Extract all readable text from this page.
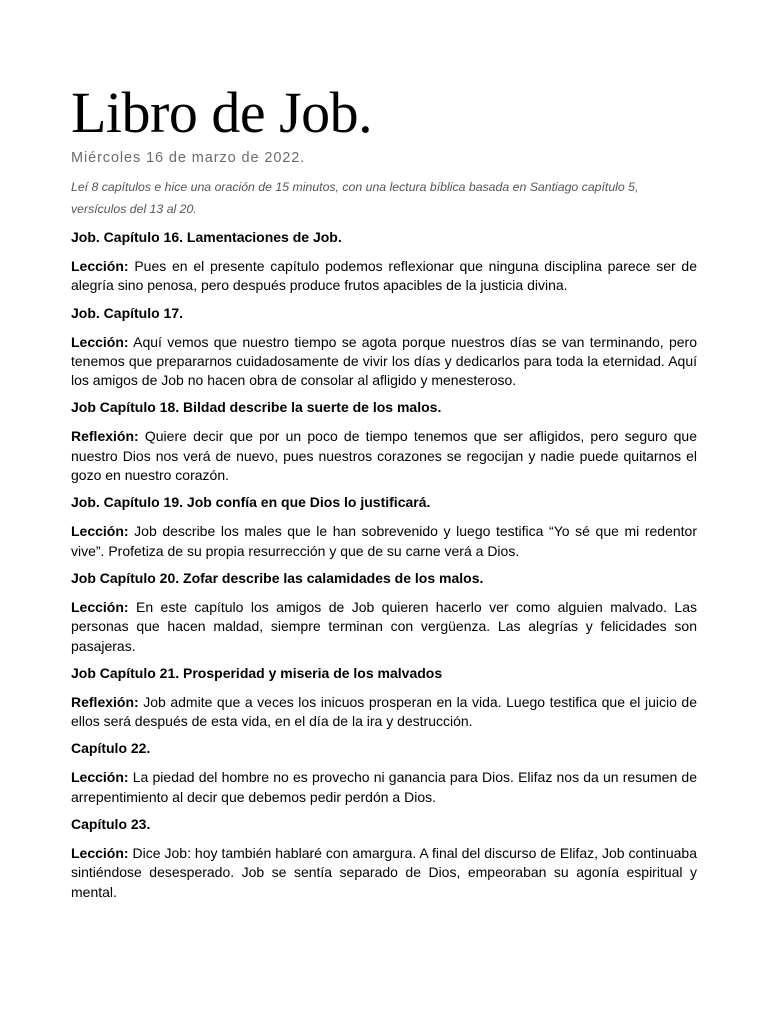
Libro de Job.
Miércoles 16 de marzo de 2022.
Leí 8 capítulos e hice una oración de 15 minutos, con una lectura bíblica basada en Santiago capítulo 5, versículos del 13 al 20.
Job. Capítulo 16. Lamentaciones de Job.
Lección: Pues en el presente capítulo podemos reflexionar que ninguna disciplina parece ser de alegría sino penosa, pero después produce frutos apacibles de la justicia divina.
Job. Capítulo 17.
Lección: Aquí vemos que nuestro tiempo se agota porque nuestros días se van terminando, pero tenemos que prepararnos cuidadosamente de vivir los días y dedicarlos para toda la eternidad. Aquí los amigos de Job no hacen obra de consolar al afligido y menesteroso.
Job Capítulo 18. Bildad describe la suerte de los malos.
Reflexión: Quiere decir que por un poco de tiempo tenemos que ser afligidos, pero seguro que nuestro Dios nos verá de nuevo, pues nuestros corazones se regocijan y nadie puede quitarnos el gozo en nuestro corazón.
Job. Capítulo 19. Job confía en que Dios lo justificará.
Lección: Job describe los males que le han sobrevenido y luego testifica “Yo sé que mi redentor vive”. Profetiza de su propia resurrección y que de su carne verá a Dios.
Job Capítulo 20. Zofar describe las calamidades de los malos.
Lección: En este capítulo los amigos de Job quieren hacerlo ver como alguien malvado. Las personas que hacen maldad, siempre terminan con vergüenza. Las alegrías y felicidades son pasajeras.
Job Capítulo 21. Prosperidad y miseria de los malvados
Reflexión: Job admite que a veces los inicuos prosperan en la vida. Luego testifica que el juicio de ellos será después de esta vida, en el día de la ira y destrucción.
Capítulo 22.
Lección: La piedad del hombre no es provecho ni ganancia para Dios. Elifaz nos da un resumen de arrepentimiento al decir que debemos pedir perdón a Dios.
Capítulo 23.
Lección: Dice Job: hoy también hablaré con amargura. A final del discurso de Elifaz, Job continuaba sintiéndose desesperado. Job se sentía separado de Dios, empeoraban su agonía espiritual y mental.
